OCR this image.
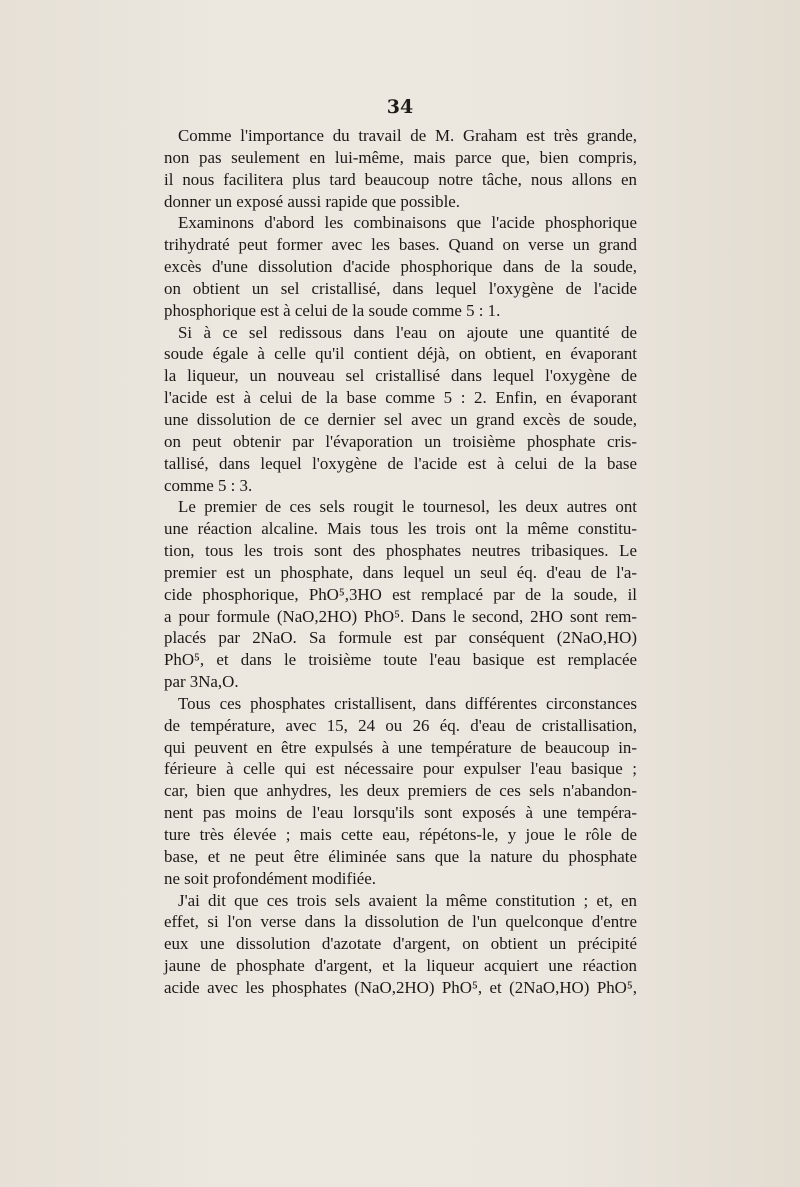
34
Comme l'importance du travail de M. Graham est très grande,
non pas seulement en lui-même, mais parce que, bien compris,
il nous facilitera plus tard beaucoup notre tâche, nous allons en
donner un exposé aussi rapide que possible.
Examinons d'abord les combinaisons que l'acide phosphorique
trihydraté peut former avec les bases. Quand on verse un grand
excès d'une dissolution d'acide phosphorique dans de la soude,
on obtient un sel cristallisé, dans lequel l'oxygène de l'acide
phosphorique est à celui de la soude comme 5 : 1.
Si à ce sel redissous dans l'eau on ajoute une quantité de
soude égale à celle qu'il contient déjà, on obtient, en évaporant
la liqueur, un nouveau sel cristallisé dans lequel l'oxygène de
l'acide est à celui de la base comme 5 : 2. Enfin, en évaporant
une dissolution de ce dernier sel avec un grand excès de soude,
on peut obtenir par l'évaporation un troisième phosphate cris-
tallisé, dans lequel l'oxygène de l'acide est à celui de la base
comme 5 : 3.
Le premier de ces sels rougit le tournesol, les deux autres ont
une réaction alcaline. Mais tous les trois ont la même constitu-
tion, tous les trois sont des phosphates neutres tribasiques. Le
premier est un phosphate, dans lequel un seul éq. d'eau de l'a-
cide phosphorique, PhO⁵,3HO est remplacé par de la soude, il
a pour formule (NaO,2HO) PhO⁵. Dans le second, 2HO sont rem-
placés par 2NaO. Sa formule est par conséquent (2NaO,HO)
PhO⁵, et dans le troisième toute l'eau basique est remplacée
par 3Na,O.
Tous ces phosphates cristallisent, dans différentes circonstances
de température, avec 15, 24 ou 26 éq. d'eau de cristallisation,
qui peuvent en être expulsés à une température de beaucoup in-
férieure à celle qui est nécessaire pour expulser l'eau basique ;
car, bien que anhydres, les deux premiers de ces sels n'abandon-
nent pas moins de l'eau lorsqu'ils sont exposés à une tempéra-
ture très élevée ; mais cette eau, répétons-le, y joue le rôle de
base, et ne peut être éliminée sans que la nature du phosphate
ne soit profondément modifiée.
J'ai dit que ces trois sels avaient la même constitution ; et, en
effet, si l'on verse dans la dissolution de l'un quelconque d'entre
eux une dissolution d'azotate d'argent, on obtient un précipité
jaune de phosphate d'argent, et la liqueur acquiert une réaction
acide avec les phosphates (NaO,2HO) PhO⁵, et (2NaO,HO) PhO⁵,
